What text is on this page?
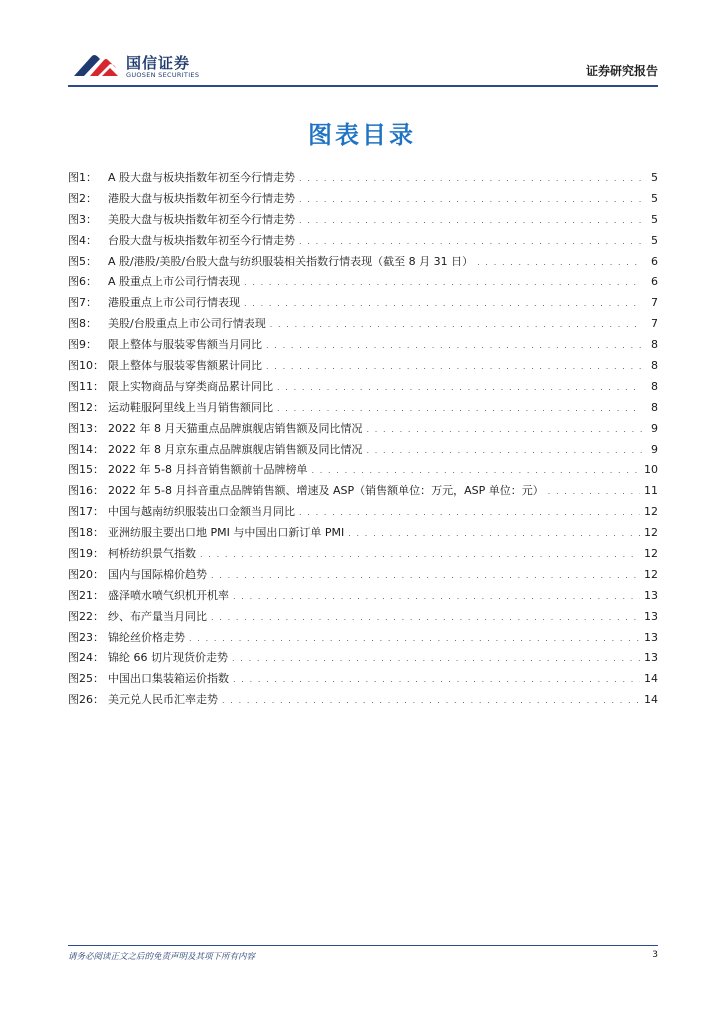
国信证券
GUOSEN SECURITIES	证券研究报告
图表目录
图1：	A 股大盘与板块指数年初至今行情走势 . . .	5
图2：	港股大盘与板块指数年初至今行情走势 . . .	5
图3：	美股大盘与板块指数年初至今行情走势 . . .	5
图4：	台股大盘与板块指数年初至今行情走势 . . .	5
图5：	A 股/港股/美股/台股大盘与纺织服装相关指数行情表现（截至 8 月 31 日） . . .	6
图6：	A 股重点上市公司行情表现 . . .	6
图7：	港股重点上市公司行情表现 . . .	7
图8：	美股/台股重点上市公司行情表现 . . .	7
图9：	限上整体与服装零售额当月同比 . . .	8
图10： 限上整体与服装零售额累计同比 . . .	8
图11： 限上实物商品与穿类商品累计同比 . . .	8
图12： 运动鞋服阿里线上当月销售额同比 . . .	8
图13： 2022 年 8 月天猫重点品牌旗舰店销售额及同比情况 . . .	9
图14： 2022 年 8 月京东重点品牌旗舰店销售额及同比情况 . . .	9
图15： 2022 年 5-8 月抖音销售额前十品牌榜单 . . .	10
图16： 2022 年 5-8 月抖音重点品牌销售额、增速及 ASP（销售额单位：万元，ASP 单位：元） . . .	11
图17： 中国与越南纺织服装出口金额当月同比 . . .	12
图18： 亚洲纺服主要出口地 PMI 与中国出口新订单 PMI . . .	12
图19： 柯桥纺织景气指数 . . .	12
图20： 国内与国际棉价趋势 . . .	12
图21： 盛泽喷水喷气织机开机率 . . .	13
图22： 纱、布产量当月同比 . . .	13
图23： 锦纶丝价格走势 . . .	13
图24： 锦纶 66 切片现货价走势 . . .	13
图25： 中国出口集装箱运价指数 . . .	14
图26： 美元兑人民币汇率走势 . . .	14
请务必阅读正文之后的免责声明及其项下所有内容	3
